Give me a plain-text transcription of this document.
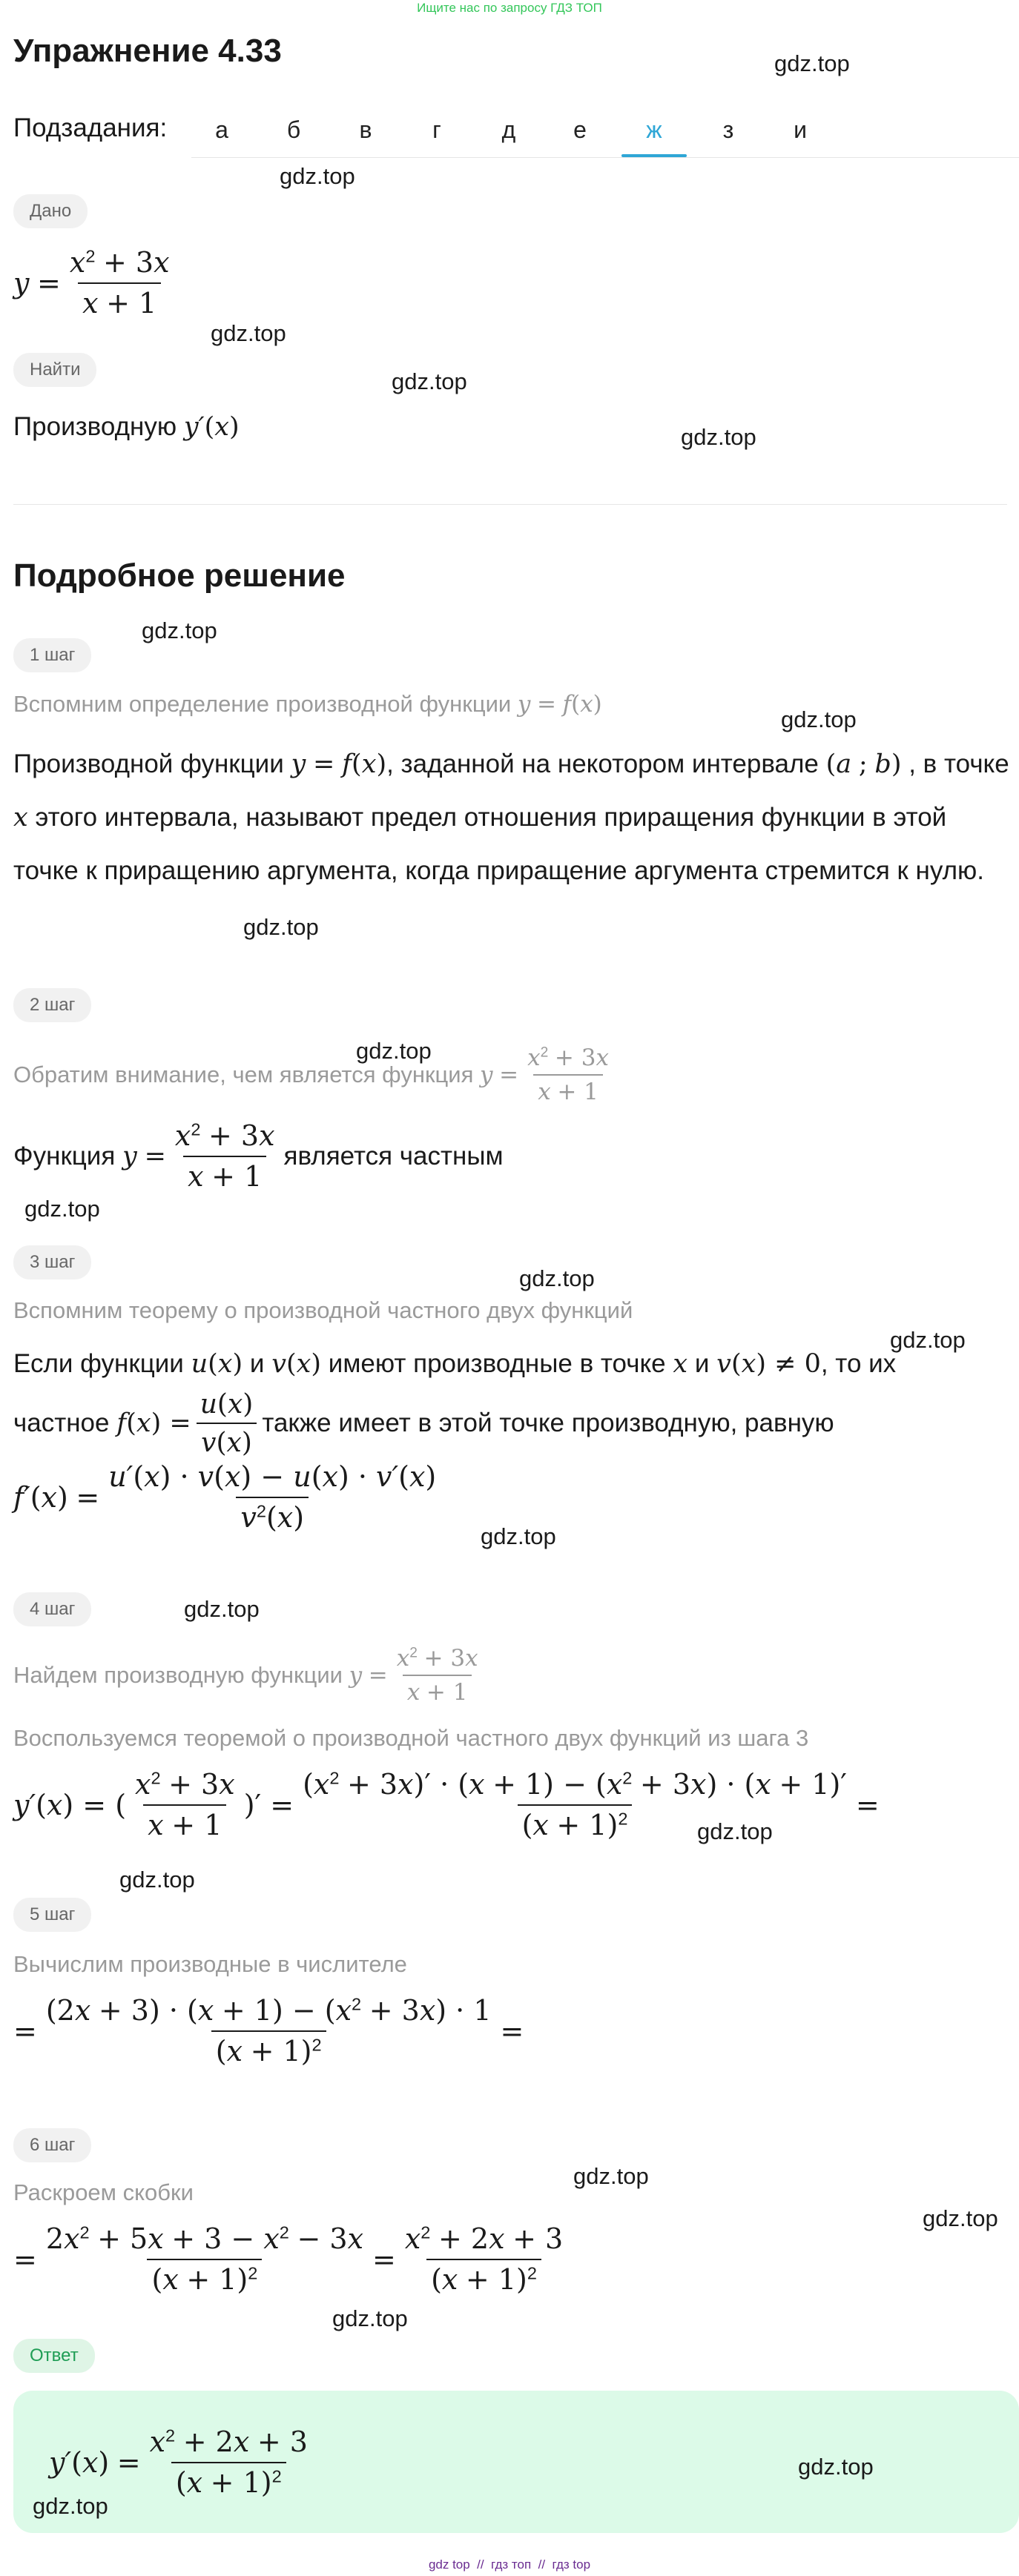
Ищите нас по запросу ГДЗ ТОП
Упражнение 4.33
Подзадания:	а	б	в	г	д	е	ж	з	и
Дано
y
= $\frac{x^2 + 3x}{x + 1}$
Найти
Производную
y′ ( x )
Подробное решение
1 шаг
Вспомним определение производной функции
y
=
f ( x )
Производной функции y = f(x), заданной на некотором интервале (a ; b) , в точке x этого интервала, называют предел отношения приращения функции в этой точке к приращению аргумента, когда приращение аргумента стремится к нулю.
2 шаг
Обратим внимание, чем является функция
y
= $\frac{x^2 + 3x}{x + 1}$
Функция
y
= $\frac{x^2 + 3x}{x + 1}$ является частным
3 шаг
Вспомним теорему о производной частного двух функций
Если функции
u ( x )
и
v ( x )
имеют производные в точке
x
и
v ( x ) ≠ 0 , то их
частное
f ( x ) = $\frac{u(x)}{v(x)}$ также имеет в этой точке производную, равную
f′ ( x )
= $\frac{u'(x) \cdot v(x) - u(x) \cdot v'(x)}{v^2(x)}$
4 шаг
Найдем производную функции
y
= $\frac{x^2 + 3x}{x + 1}$
Воспользуемся теоремой о производной частного двух функций из шага 3
y′ ( x ) = ( $\frac{x^2 + 3x}{x + 1}$ )′ = $\frac{(x^2 + 3x)' \cdot (x + 1) - (x^2 + 3x) \cdot (x + 1)'}{(x + 1)^2}$ =
5 шаг
Вычислим производные в числителе
= $\frac{(2x + 3) \cdot (x + 1) - (x^2 + 3x) \cdot 1}{(x + 1)^2}$ =
6 шаг
Раскроем скобки
= $\frac{2x^2 + 5x + 3 - x^2 - 3x}{(x + 1)^2} = \frac{x^2 + 2x + 3}{(x + 1)^2}$
Ответ
y′ ( x )
= $\frac{x^2 + 2x + 3}{(x + 1)^2}$
gdz top  //  гдз топ  //  гдз top
gdz.top
gdz.top
gdz.top
gdz.top
gdz.top
gdz.top
gdz.top
gdz.top
gdz.top
gdz.top
gdz.top
gdz.top
gdz.top
gdz.top
gdz.top
gdz.top
gdz.top
gdz.top
gdz.top
gdz.top
gdz.top
